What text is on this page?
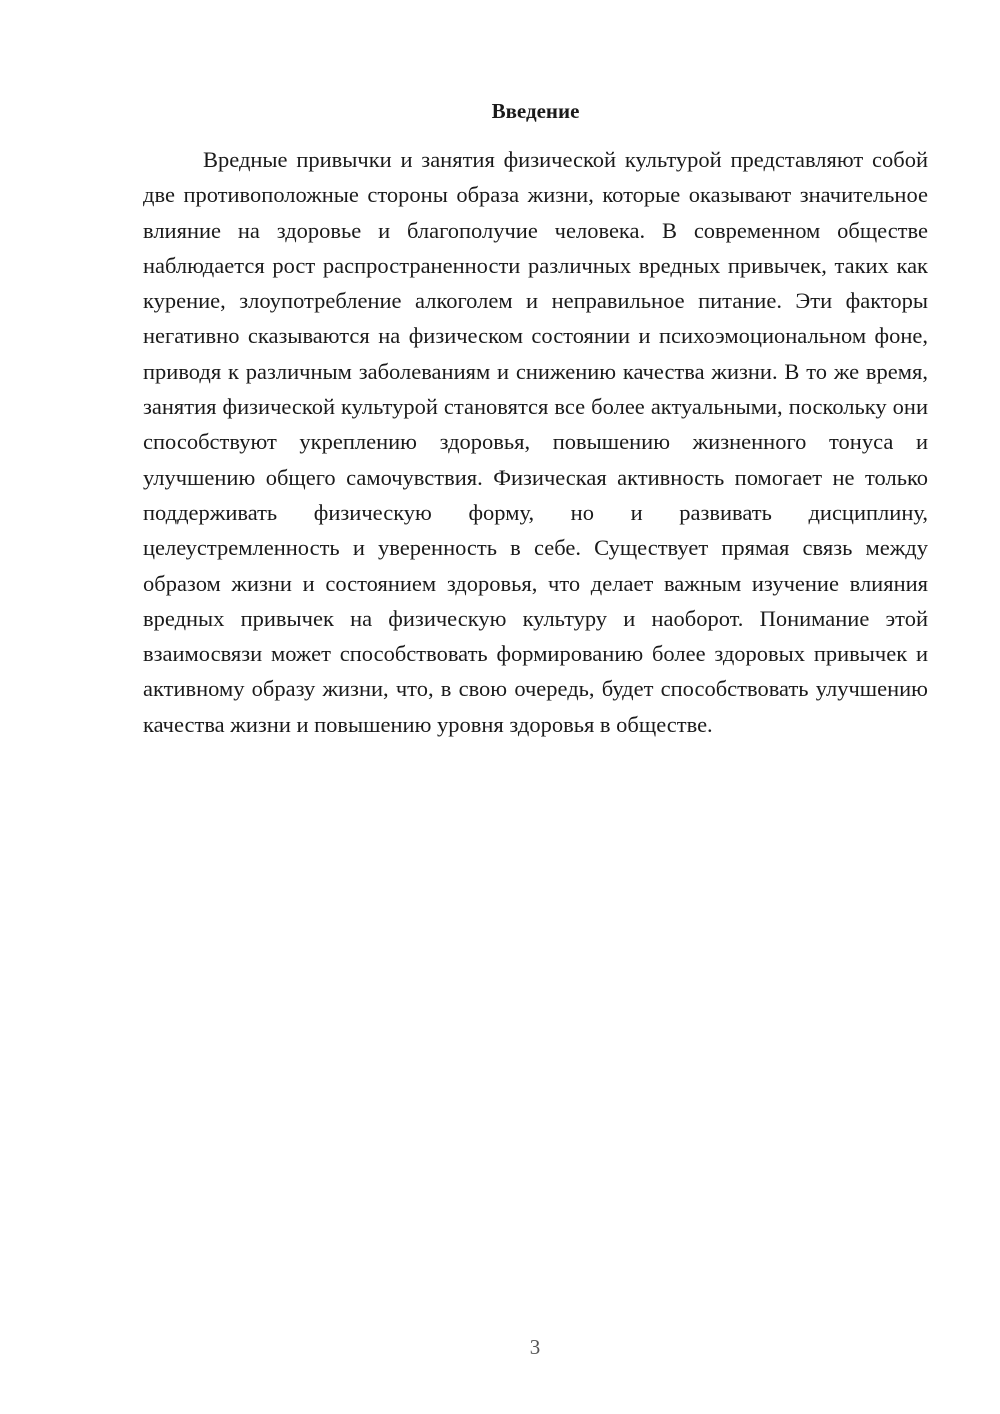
Введение

Вредные привычки и занятия физической культурой представляют собой две противоположные стороны образа жизни, которые оказывают значительное влияние на здоровье и благополучие человека. В современном обществе наблюдается рост распространенности различных вредных привычек, таких как курение, злоупотребление алкоголем и неправильное питание. Эти факторы негативно сказываются на физическом состоянии и психоэмоциональном фоне, приводя к различным заболеваниям и снижению качества жизни. В то же время, занятия физической культурой становятся все более актуальными, поскольку они способствуют укреплению здоровья, повышению жизненного тонуса и улучшению общего самочувствия. Физическая активность помогает не только поддерживать физическую форму, но и развивать дисциплину, целеустремленность и уверенность в себе. Существует прямая связь между образом жизни и состоянием здоровья, что делает важным изучение влияния вредных привычек на физическую культуру и наоборот. Понимание этой взаимосвязи может способствовать формированию более здоровых привычек и активному образу жизни, что, в свою очередь, будет способствовать улучшению качества жизни и повышению уровня здоровья в обществе.

3
